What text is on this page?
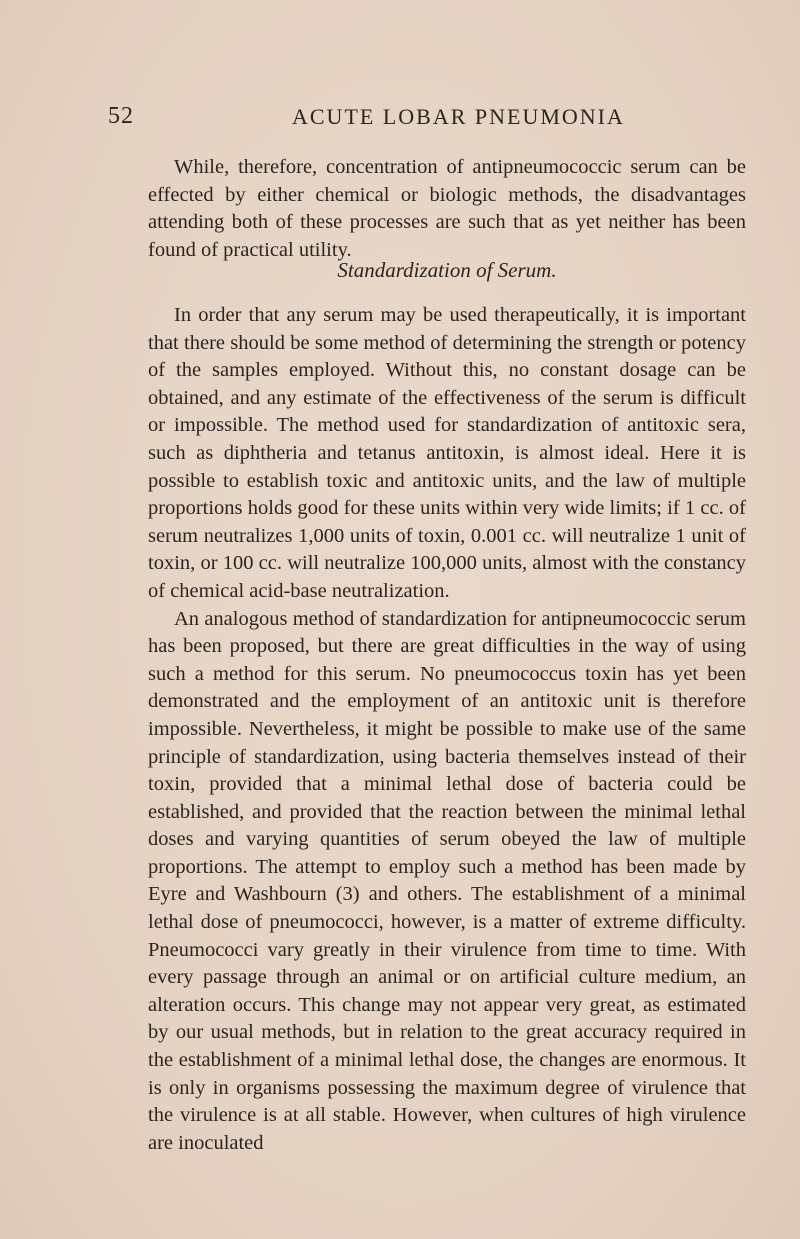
52	ACUTE LOBAR PNEUMONIA

While, therefore, concentration of antipneumococcic serum can be effected by either chemical or biologic methods, the disadvantages attending both of these processes are such that as yet neither has been found of practical utility.

Standardization of Serum.

In order that any serum may be used therapeutically, it is important that there should be some method of determining the strength or potency of the samples employed. Without this, no constant dosage can be obtained, and any estimate of the effectiveness of the serum is difficult or impossible. The method used for standardization of antitoxic sera, such as diphtheria and tetanus antitoxin, is almost ideal. Here it is possible to establish toxic and antitoxic units, and the law of multiple proportions holds good for these units within very wide limits; if 1 cc. of serum neutralizes 1,000 units of toxin, 0.001 cc. will neutralize 1 unit of toxin, or 100 cc. will neutralize 100,000 units, almost with the constancy of chemical acid-base neutralization.

An analogous method of standardization for antipneumococcic serum has been proposed, but there are great difficulties in the way of using such a method for this serum. No pneumococcus toxin has yet been demonstrated and the employment of an antitoxic unit is therefore impossible. Nevertheless, it might be possible to make use of the same principle of standardization, using bacteria themselves instead of their toxin, provided that a minimal lethal dose of bacteria could be established, and provided that the reaction between the minimal lethal doses and varying quantities of serum obeyed the law of multiple proportions. The attempt to employ such a method has been made by Eyre and Washbourn (3) and others. The establishment of a minimal lethal dose of pneumococci, however, is a matter of extreme difficulty. Pneumococci vary greatly in their virulence from time to time. With every passage through an animal or on artificial culture medium, an alteration occurs. This change may not appear very great, as estimated by our usual methods, but in relation to the great accuracy required in the establishment of a minimal lethal dose, the changes are enormous. It is only in organisms possessing the maximum degree of virulence that the virulence is at all stable. However, when cultures of high virulence are inoculated
